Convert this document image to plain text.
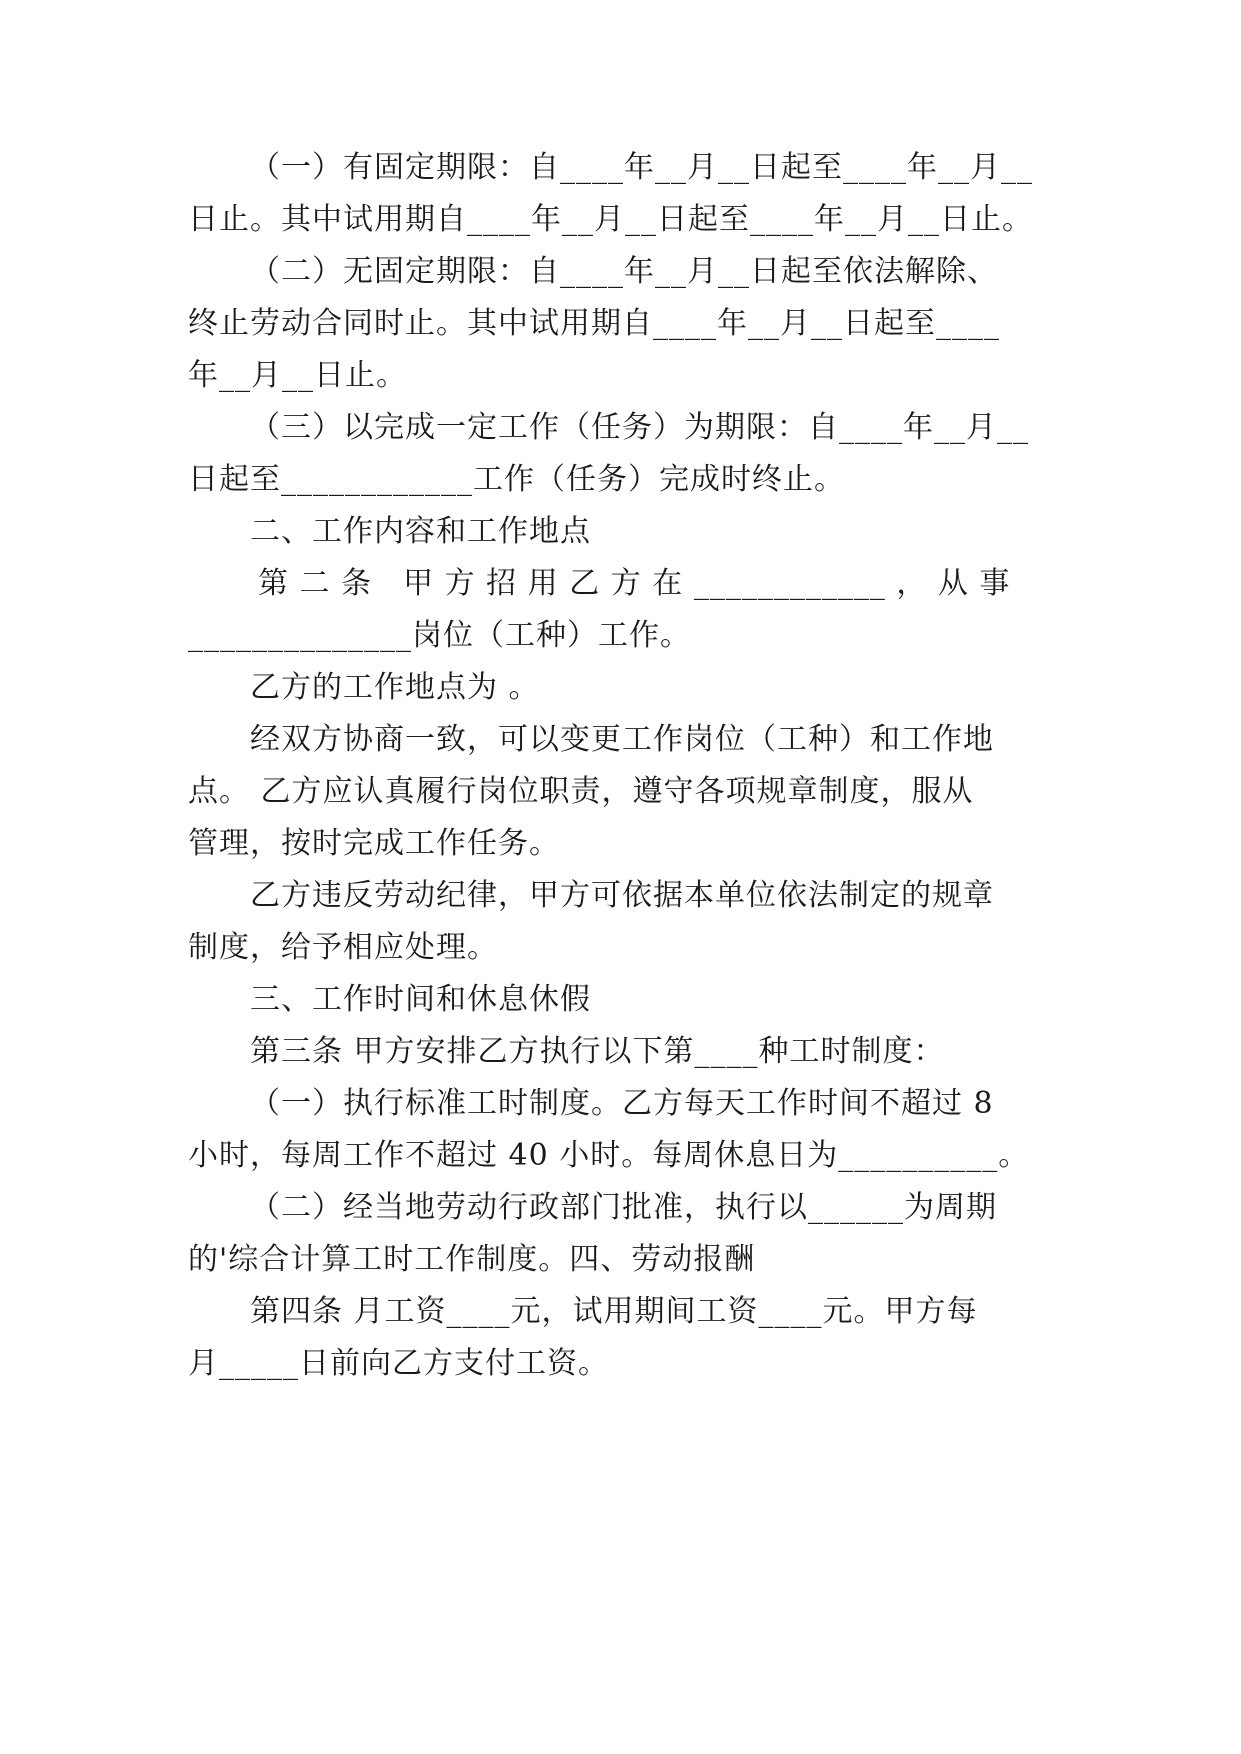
（一）有固定期限：自____年__月__日起至____年__月__
日止。其中试用期自____年__月__日起至____年__月__日止。
（二）无固定期限：自____年__月__日起至依法解除、
终止劳动合同时止。其中试用期自____年__月__日起至____
年__月__日止。
（三）以完成一定工作（任务）为期限：自____年__月__
日起至____________工作（任务）完成时终止。
二、工作内容和工作地点
第 二 条　甲 方 招 用 乙 方 在 ____________ ， 从 事
______________岗位（工种）工作。
乙方的工作地点为 。
经双方协商一致，可以变更工作岗位（工种）和工作地
点。 乙方应认真履行岗位职责，遵守各项规章制度，服从
管理，按时完成工作任务。
乙方违反劳动纪律，甲方可依据本单位依法制定的规章
制度，给予相应处理。
三、工作时间和休息休假
第三条 甲方安排乙方执行以下第____种工时制度：
（一）执行标准工时制度。乙方每天工作时间不超过 8
小时，每周工作不超过 40 小时。每周休息日为__________。
（二）经当地劳动行政部门批准，执行以______为周期
的'综合计算工时工作制度。四、劳动报酬
第四条 月工资____元，试用期间工资____元。甲方每
月_____日前向乙方支付工资。
